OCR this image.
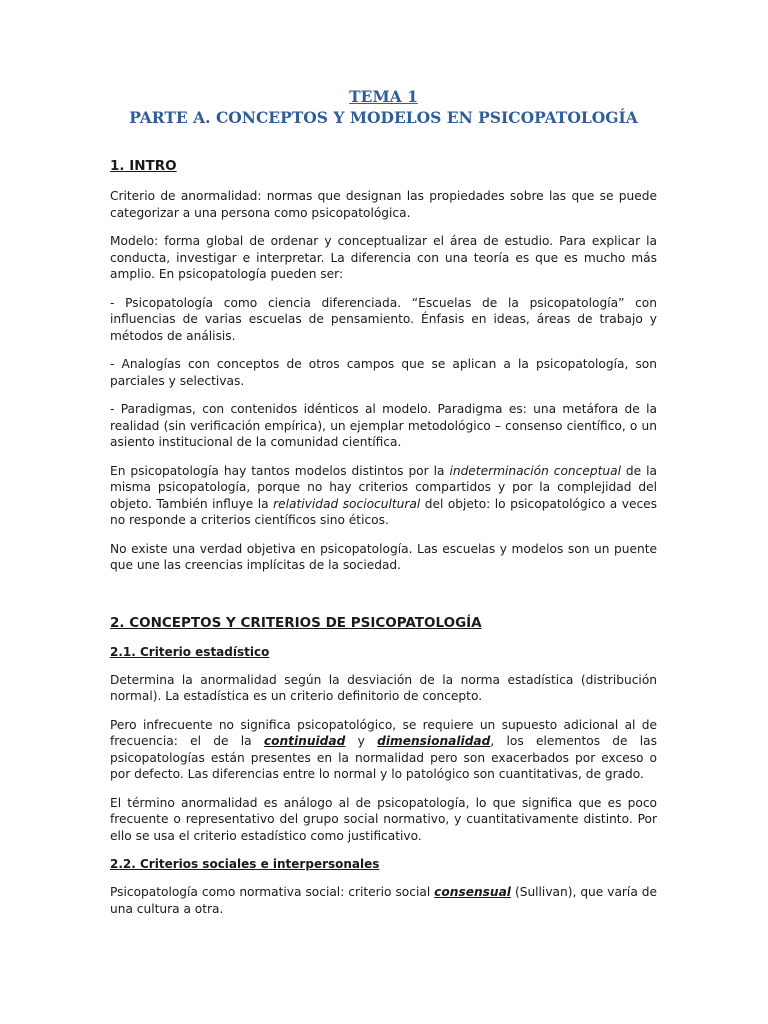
TEMA 1
PARTE A. CONCEPTOS Y MODELOS EN PSICOPATOLOGÍA
1. INTRO

Criterio de anormalidad: normas que designan las propiedades sobre las que se puede categorizar a una persona como psicopatológica.

Modelo: forma global de ordenar y conceptualizar el área de estudio. Para explicar la conducta, investigar e interpretar. La diferencia con una teoría es que es mucho más amplio. En psicopatología pueden ser:

- Psicopatología como ciencia diferenciada. “Escuelas de la psicopatología” con influencias de varias escuelas de pensamiento. Énfasis en ideas, áreas de trabajo y métodos de análisis.

- Analogías con conceptos de otros campos que se aplican a la psicopatología, son parciales y selectivas.

- Paradigmas, con contenidos idénticos al modelo. Paradigma es: una metáfora de la realidad (sin verificación empírica), un ejemplar metodológico – consenso científico, o un asiento institucional de la comunidad científica.

En psicopatología hay tantos modelos distintos por la indeterminación conceptual de la misma psicopatología, porque no hay criterios compartidos y por la complejidad del objeto. También influye la relatividad sociocultural del objeto: lo psicopatológico a veces no responde a criterios científicos sino éticos.

No existe una verdad objetiva en psicopatología. Las escuelas y modelos son un puente que une las creencias implícitas de la sociedad.

2. CONCEPTOS Y CRITERIOS DE PSICOPATOLOGÍA
2.1. Criterio estadístico

Determina la anormalidad según la desviación de la norma estadística (distribución normal). La estadística es un criterio definitorio de concepto.

Pero infrecuente no significa psicopatológico, se requiere un supuesto adicional al de frecuencia: el de la continuidad y dimensionalidad, los elementos de las psicopatologías están presentes en la normalidad pero son exacerbados por exceso o por defecto. Las diferencias entre lo normal y lo patológico son cuantitativas, de grado.

El término anormalidad es análogo al de psicopatología, lo que significa que es poco frecuente o representativo del grupo social normativo, y cuantitativamente distinto. Por ello se usa el criterio estadístico como justificativo.

2.2. Criterios sociales e interpersonales

Psicopatología como normativa social: criterio social consensual (Sullivan), que varía de una cultura a otra.
